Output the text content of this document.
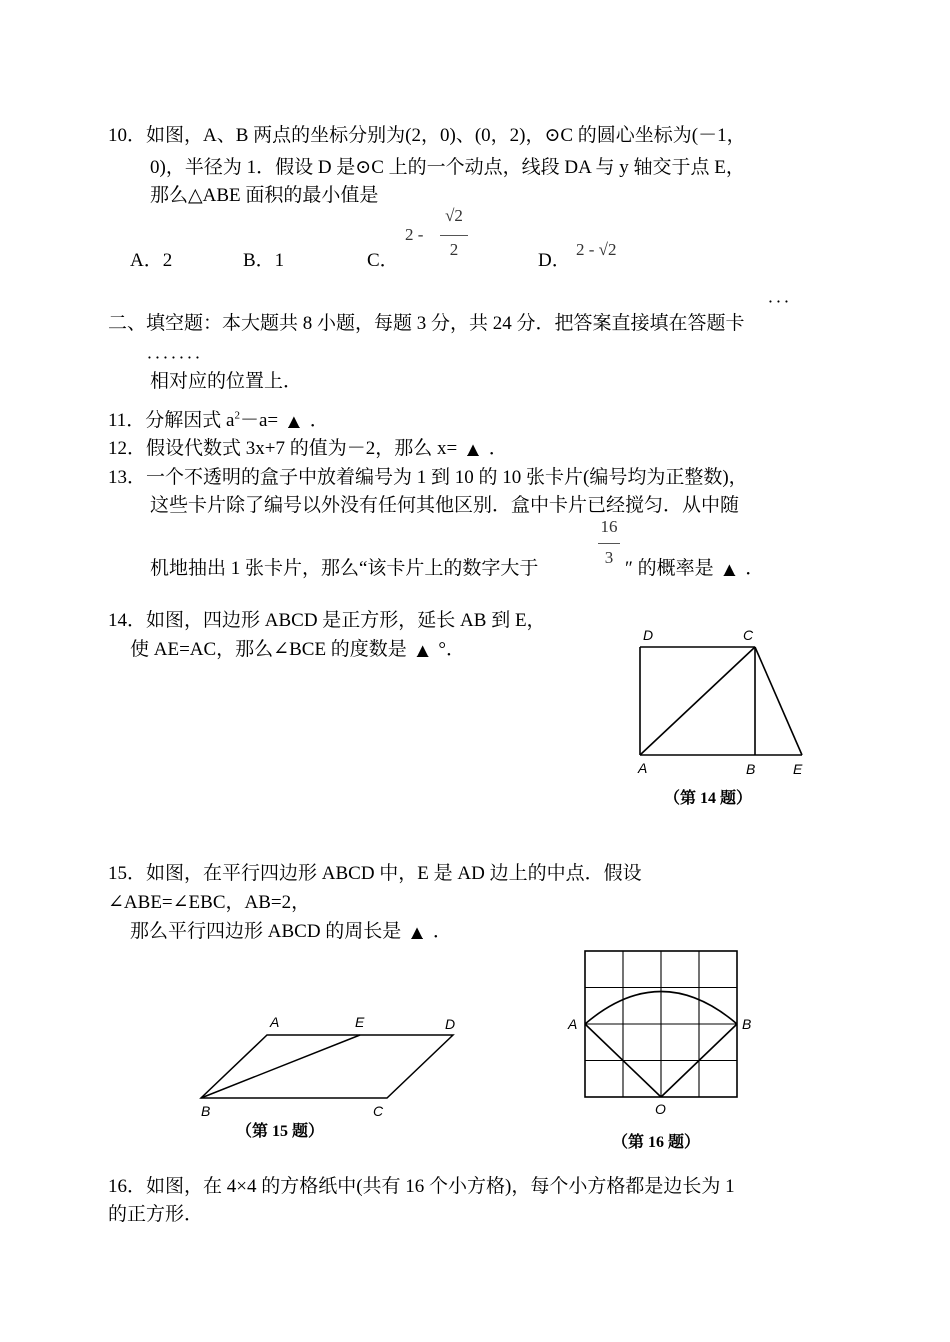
10．如图，A、B 两点的坐标分别为(2，0)、(0，2)，⊙C 的圆心坐标为(－1，
0)，半径为 1．假设 D 是⊙C 上的一个动点，线段 DA 与 y 轴交于点 E，
那么△ABE 面积的最小值是
A．2	B．1	C．
2 -
√2
2
D．
2 - √2
．．．
二、填空题：本大题共 8 小题，每题 3 分，共 24 分．把答案直接填在答题卡
．．．．．．．
相对应的位置上．
11．分解因式 $a^2-a=$ ▲ ．
12．假设代数式 3x+7 的值为－2，那么 x= ▲ ．
13．一个不透明的盒子中放着编号为 1 到 10 的 10 张卡片(编号均为正整数)，
这些卡片除了编号以外没有任何其他区别．盒中卡片已经搅匀．从中随
16
3
机地抽出 1 张卡片，那么“该卡片上的数字大于	″ 的概率是 ▲ ．
14．如图，四边形 ABCD 是正方形，延长 AB 到 E，
使 AE=AC，那么∠BCE 的度数是 ▲ °．
D	C
A	B	E
（第 14 题）
15．如图，在平行四边形 ABCD 中，E 是 AD 边上的中点．假设
∠ABE=∠EBC，AB=2，
那么平行四边形 ABCD 的周长是 ▲ ．
A	E	D
B	C
（第 15 题）
A	B
O
（第 16 题）
16．如图，在 4×4 的方格纸中(共有 16 个小方格)，每个小方格都是边长为 1
的正方形．
